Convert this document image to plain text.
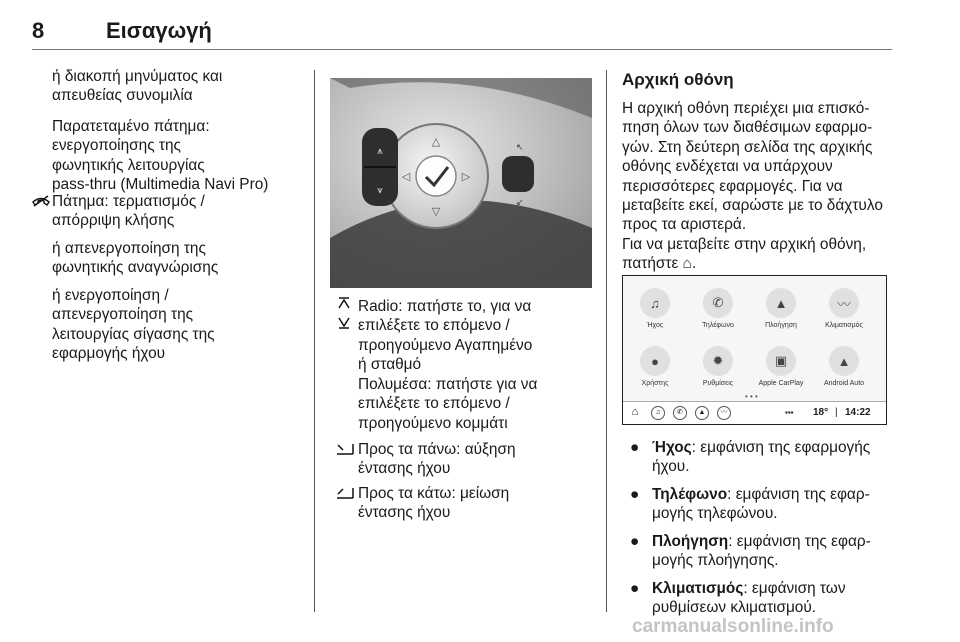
8	Εισαγωγή
ή διακοπή μηνύματος και
απευθείας συνομιλία
Παρατεταμένο πάτημα:
ενεργοποίησης της
φωνητικής λειτουργίας
pass-thru (Multimedia Navi Pro)
Πάτημα: τερματισμός /
απόρριψη κλήσης
ή απενεργοποίηση της
φωνητικής αναγνώρισης
ή ενεργοποίηση /
απενεργοποίηση της
λειτουργίας σίγασης της
εφαρμογής ήχου
△
▽
◁	▷
⩚
⩛
↖
↙
Radio: πατήστε το, για να
επιλέξετε το επόμενο /
προηγούμενο Αγαπημένο
ή σταθμό
Πολυμέσα: πατήστε για να
επιλέξετε το επόμενο /
προηγούμενο κομμάτι
Προς τα πάνω: αύξηση
έντασης ήχου
Προς τα κάτω: μείωση
έντασης ήχου
Αρχική οθόνη
Η αρχική οθόνη περιέχει μια επισκό-
πηση όλων των διαθέσιμων εφαρμο-
γών. Στη δεύτερη σελίδα της αρχικής
οθόνης ενδέχεται να υπάρχουν
περισσότερες εφαρμογές. Για να
μεταβείτε εκεί, σαρώστε με το δάχτυλο
προς τα αριστερά.
Για να μεταβείτε στην αρχική οθόνη,
πατήστε ⌂.
♫
Ήχος
✆
Τηλέφωνο
▲
Πλοήγηση
〰
Κλιματισμός
●
Χρήστης
✹
Ρυθμίσεις
▣
Apple CarPlay
▲
Android Auto
• • •
⌂	♫	✆	▲	〰	▪▪▪ 18° | 14:22
● Ήχος: εμφάνιση της εφαρμογής
ήχου.
● Τηλέφωνο: εμφάνιση της εφαρ-
μογής τηλεφώνου.
● Πλοήγηση: εμφάνιση της εφαρ-
μογής πλοήγησης.
● Κλιματισμός: εμφάνιση των
ρυθμίσεων κλιματισμού.
carmanualsonline.info
